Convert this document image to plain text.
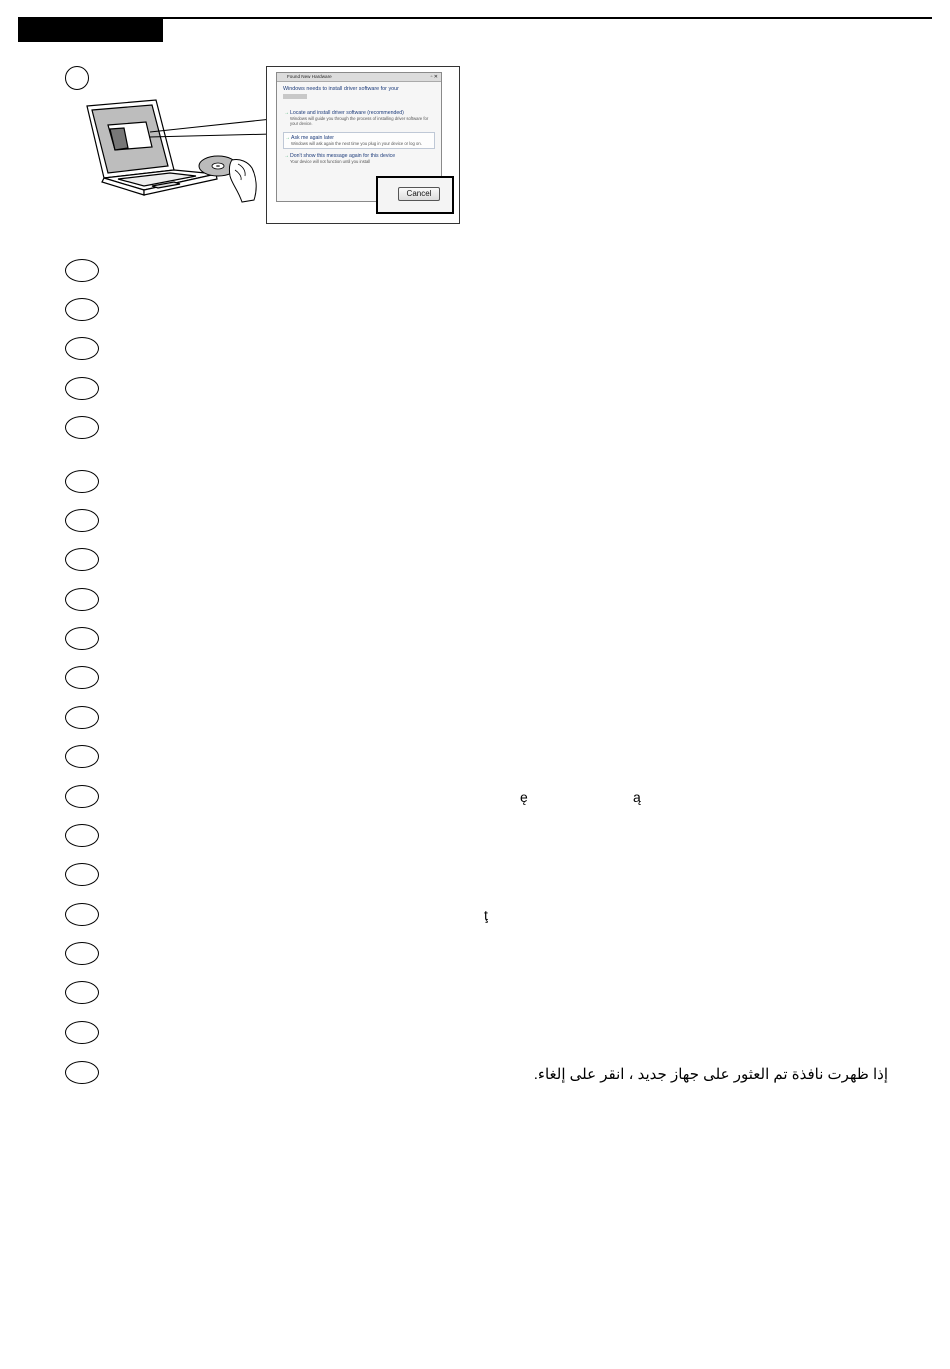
Found New Hardware	▫ ✕
Windows needs to install driver software for your
→ Locate and install driver software (recommended)
Windows will guide you through the process of installing driver software for your device.
→ Ask me again later
Windows will ask again the next time you plug in your device or log on.
→ Don't show this message again for this device
Your device will not function until you install
Cancel
ę	ą
ţ
إذا ظهرت نافذة تم العثور على جهاز جديد ، انقر على إلغاء.
